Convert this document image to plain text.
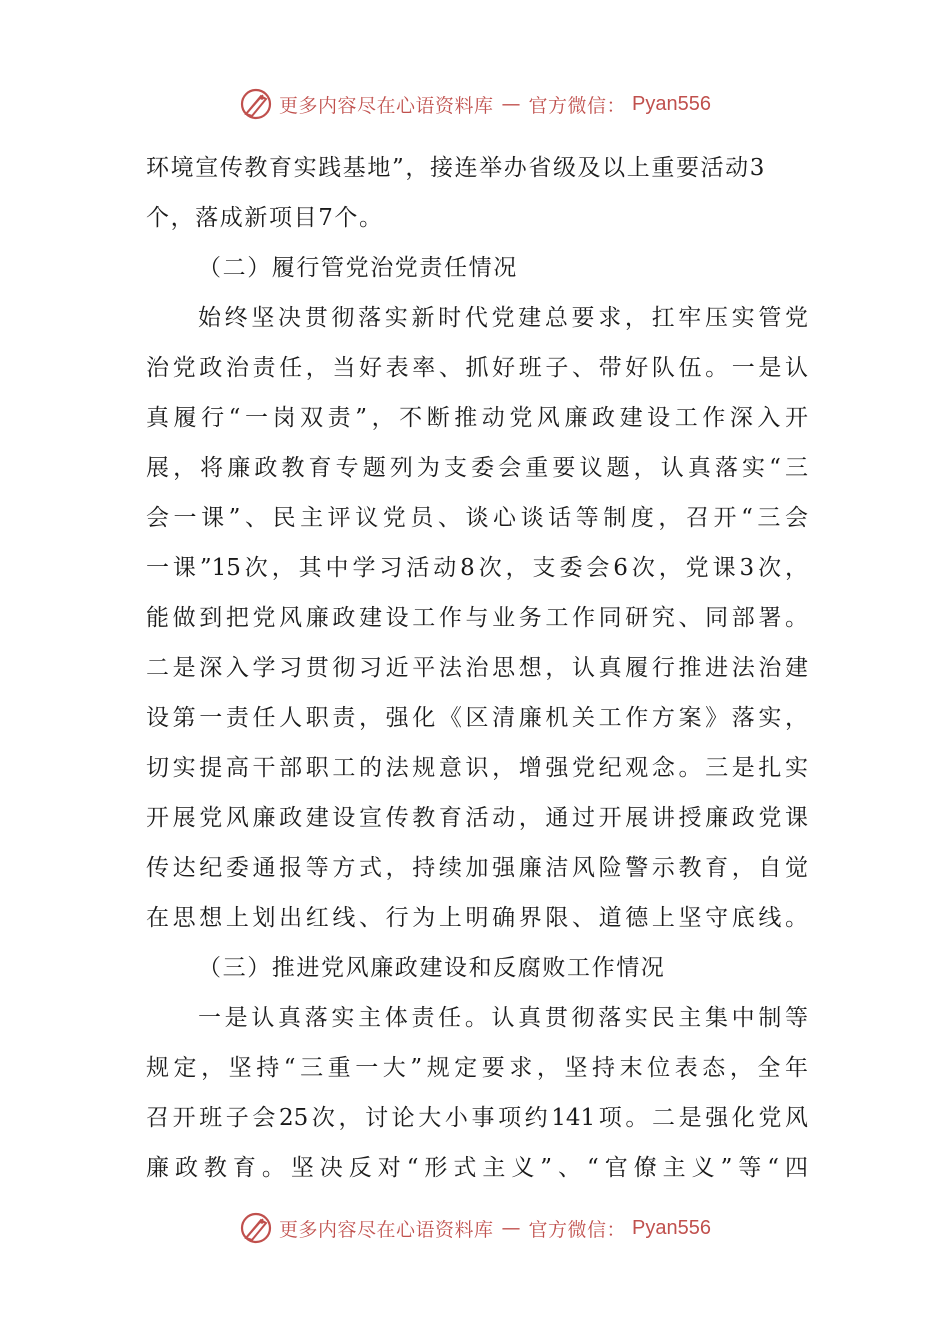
更多内容尽在心语资料库 — 官方微信： Pyan556
环境宣传教育实践基地”，接连举办省级及以上重要活动3
个，落成新项目7个。
（二）履行管党治党责任情况
始终坚决贯彻落实新时代党建总要求，扛牢压实管党
治党政治责任，当好表率、抓好班子、带好队伍。一是认
真履行“一岗双责”，不断推动党风廉政建设工作深入开
展，将廉政教育专题列为支委会重要议题，认真落实“三
会一课”、民主评议党员、谈心谈话等制度，召开“三会
一课”15次，其中学习活动8次，支委会6次，党课3次，
能做到把党风廉政建设工作与业务工作同研究、同部署。
二是深入学习贯彻习近平法治思想，认真履行推进法治建
设第一责任人职责，强化《区清廉机关工作方案》落实，
切实提高干部职工的法规意识，增强党纪观念。三是扎实
开展党风廉政建设宣传教育活动，通过开展讲授廉政党课
传达纪委通报等方式，持续加强廉洁风险警示教育，自觉
在思想上划出红线、行为上明确界限、道德上坚守底线。
（三）推进党风廉政建设和反腐败工作情况
一是认真落实主体责任。认真贯彻落实民主集中制等
规定，坚持“三重一大”规定要求，坚持末位表态，全年
召开班子会25次，讨论大小事项约141项。二是强化党风
廉政教育。坚决反对“形式主义”、“官僚主义”等“四
更多内容尽在心语资料库 — 官方微信： Pyan556
